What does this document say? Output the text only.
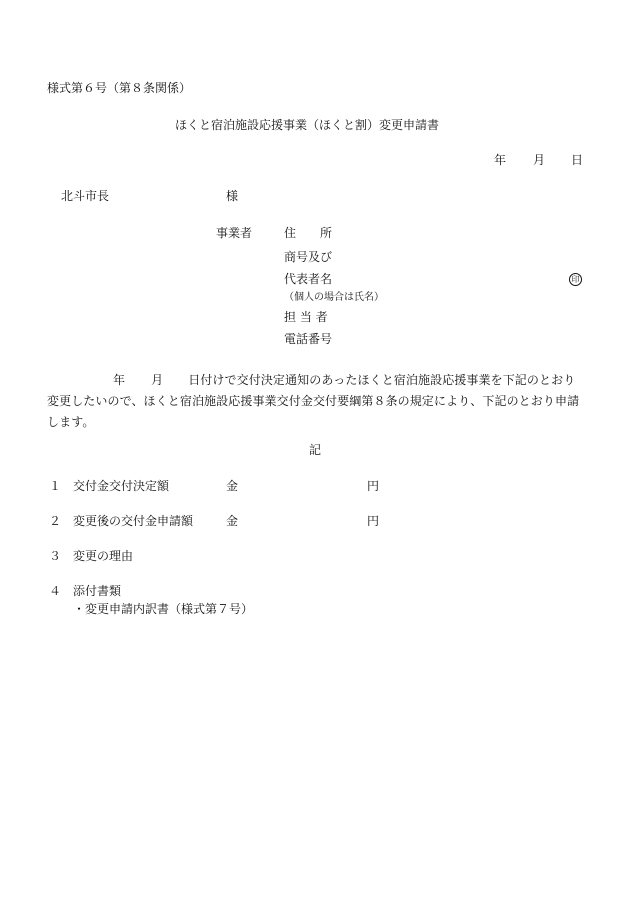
様式第６号（第８条関係）
ほくと宿泊施設応援事業（ほくと割）変更申請書
年 月 日
北斗市長	様
事業者	住　　所
商号及び
代表者名	印
（個人の場合は氏名）
担 当 者
電話番号
年 月 日付けで交付決定通知のあったほくと宿泊施設応援事業を下記のとおり変更したいので、ほくと宿泊施設応援事業交付金交付要綱第８条の規定により、下記のとおり申請します。
記
１ 交付金交付決定額	金	円
２ 変更後の交付金申請額	金	円
３ 変更の理由
４ 添付書類
・変更申請内訳書（様式第７号）
